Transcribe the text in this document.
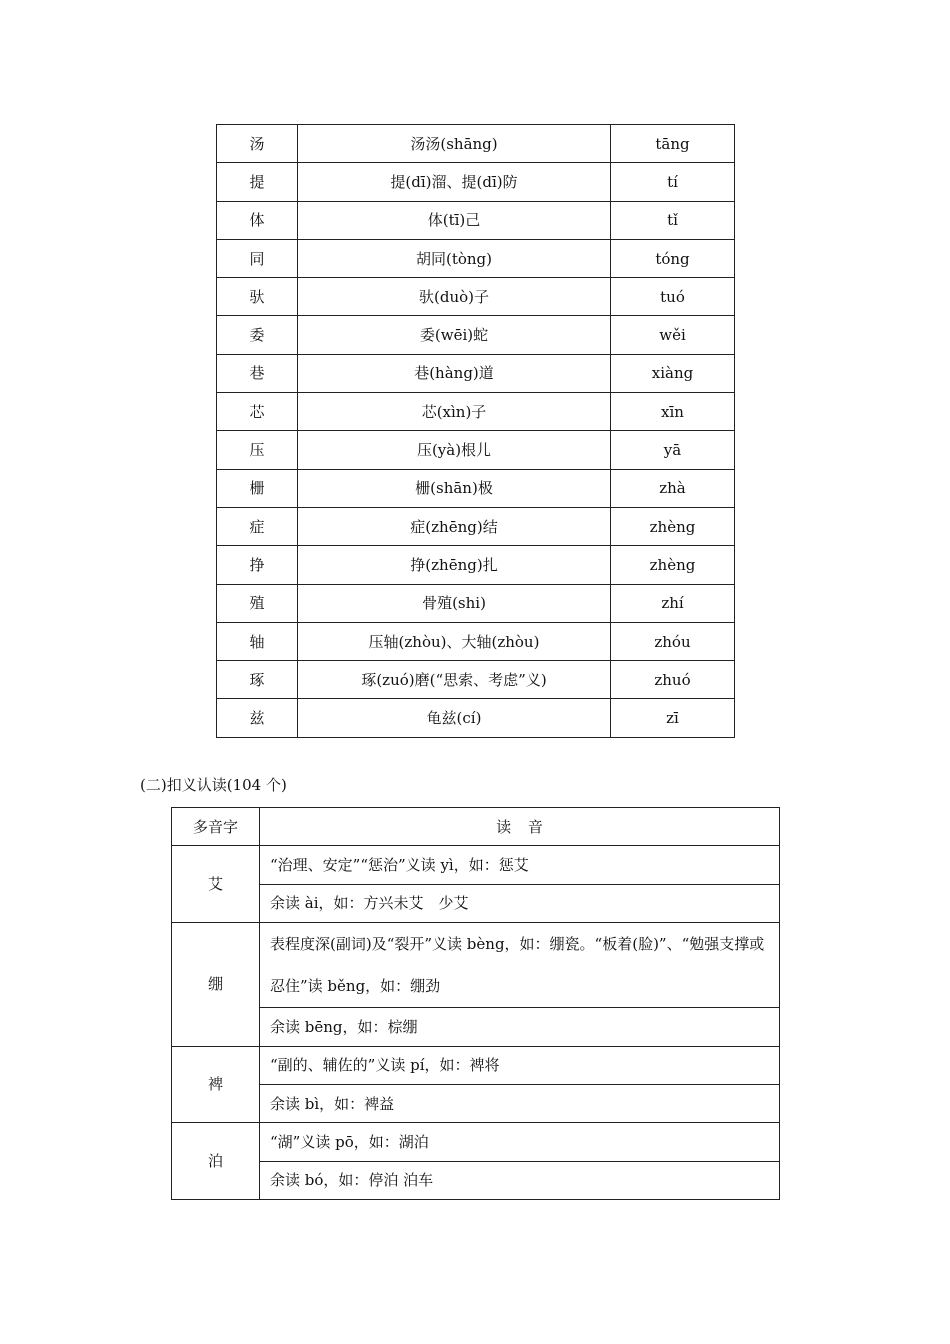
汤	汤汤(shāng)	tāng
提	提(dī)溜、提(dī)防	tí
体	体(tī)己	tǐ
同	胡同(tòng)	tóng
驮	驮(duò)子	tuó
委	委(wēi)蛇	wěi
巷	巷(hàng)道	xiàng
芯	芯(xìn)子	xīn
压	压(yà)根儿	yā
栅	栅(shān)极	zhà
症	症(zhēng)结	zhèng
挣	挣(zhēng)扎	zhèng
殖	骨殖(shi)	zhí
轴	压轴(zhòu)、大轴(zhòu)	zhóu
琢	琢(zuó)磨(“思索、考虑”义)	zhuó
兹	龟兹(cí)	zī
(二)扣义认读(104 个)
多音字	读 音
艾	“治理、安定”“惩治”义读 yì，如：惩艾
	余读 ài，如：方兴未艾　少艾
绷	表程度深(副词)及“裂开”义读 bèng，如：绷瓷。“板着(脸)”、“勉强支撑或忍住”读 běng，如：绷劲
	余读 bēng，如：棕绷
裨	“副的、辅佐的”义读 pí，如：裨将
	余读 bì，如：裨益
泊	“湖”义读 pō，如：湖泊
	余读 bó，如：停泊 泊车
